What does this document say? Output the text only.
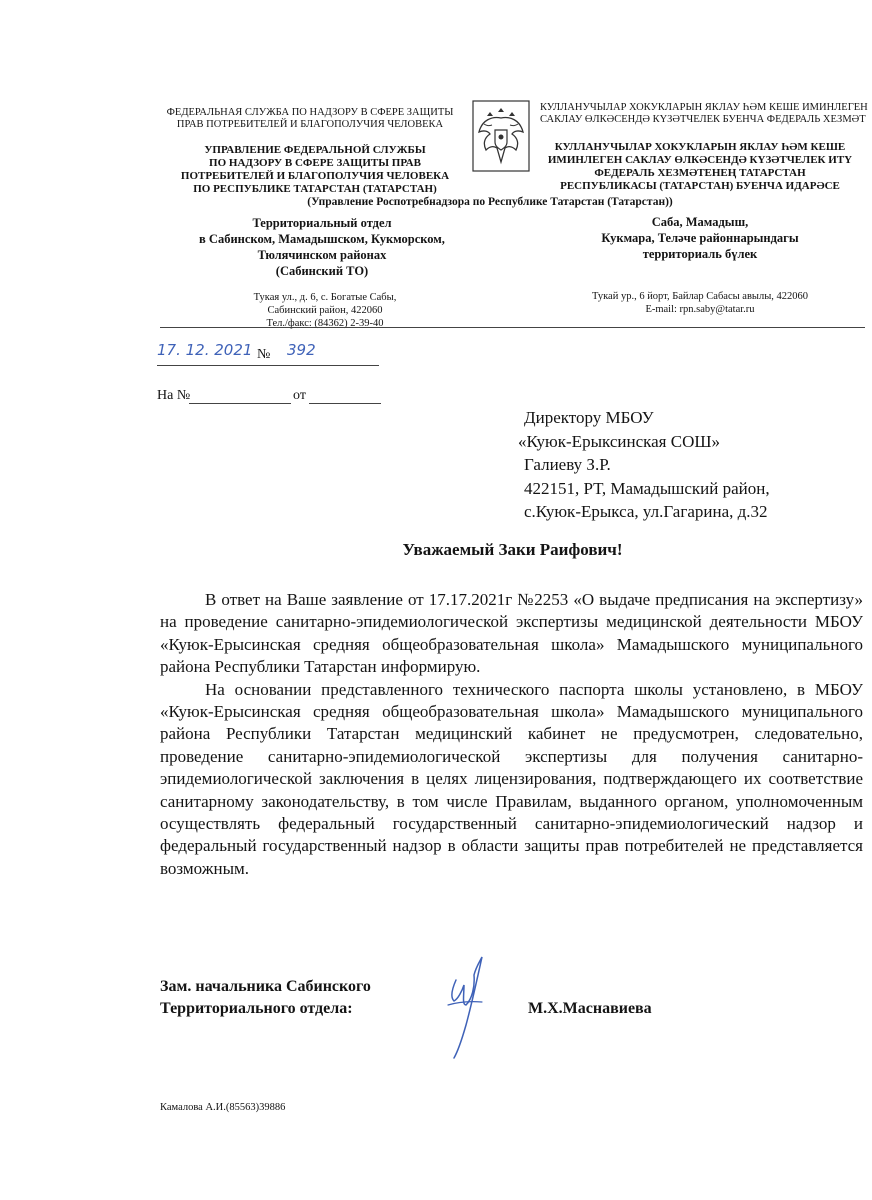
ФЕДЕРАЛЬНАЯ СЛУЖБА ПО НАДЗОРУ В СФЕРЕ ЗАЩИТЫ
ПРАВ ПОТРЕБИТЕЛЕЙ И БЛАГОПОЛУЧИЯ ЧЕЛОВЕКА
УПРАВЛЕНИЕ ФЕДЕРАЛЬНОЙ СЛУЖБЫ
ПО НАДЗОРУ В СФЕРЕ ЗАЩИТЫ ПРАВ
ПОТРЕБИТЕЛЕЙ И БЛАГОПОЛУЧИЯ ЧЕЛОВЕКА
ПО РЕСПУБЛИКЕ ТАТАРСТАН (ТАТАРСТАН)
Территориальный отдел
в Сабинском, Мамадышском, Кукморском,
Тюлячинском районах
(Сабинский ТО)
Тукая ул., д. 6, с. Богатые Сабы,
Сабинский район, 422060
Тел./факс: (84362) 2-39-40
КУЛЛАНУЧЫЛАР ХОКУКЛАРЫН ЯКЛАУ ҺӘМ КЕШЕ ИМИНЛЕГЕН
САКЛАУ ӨЛКӘСЕНДӘ КҮЗӘТЧЕЛЕК БУЕНЧА ФЕДЕРАЛЬ ХЕЗМӘТ
КУЛЛАНУЧЫЛАР ХОКУКЛАРЫН ЯКЛАУ ҺӘМ КЕШЕ
ИМИНЛЕГЕН САКЛАУ ӨЛКӘСЕНДӘ КҮЗӘТЧЕЛЕК ИТҮ
ФЕДЕРАЛЬ ХЕЗМӘТЕНЕҢ ТАТАРСТАН
РЕСПУБЛИКАСЫ (ТАТАРСТАН) БУЕНЧА ИДАРӘСЕ
(Управление Роспотребнадзора по Республике Татарстан (Татарстан))
Саба, Мамадыш,
Кукмара, Теләче районнарындагы
территориаль бүлек
Тукай ур., 6 йорт, Байлар Сабасы авылы, 422060
E-mail: rpn.saby@tatar.ru
17. 12. 2021 № 392
На №	от
Директору МБОУ
«Куюк-Ерыксинская СОШ»
Галиеву З.Р.
422151, РТ, Мамадышский район,
с.Куюк-Ерыкса, ул.Гагарина, д.32
Уважаемый Заки Раифович!

В ответ на Ваше заявление от 17.17.2021г №2253 «О выдаче предписания на экспертизу» на проведение санитарно-эпидемиологической экспертизы медицинской деятельности МБОУ «Куюк-Ерысинская средняя общеобразовательная школа» Мамадышского муниципального района Республики Татарстан информирую.

На основании представленного технического паспорта школы установлено, в МБОУ «Куюк-Ерысинская средняя общеобразовательная школа» Мамадышского муниципального района Республики Татарстан медицинский кабинет не предусмотрен, следовательно, проведение санитарно-эпидемиологической экспертизы для получения санитарно-эпидемиологической заключения в целях лицензирования, подтверждающего их соответствие санитарному законодательству, в том числе Правилам, выданного органом, уполномоченным осуществлять федеральный государственный санитарно-эпидемиологический надзор и федеральный государственный надзор в области защиты прав потребителей не представляется возможным.

Зам. начальника Сабинского
Территориального отдела:	М.Х.Маснавиева
Камалова А.И.(85563)39886
